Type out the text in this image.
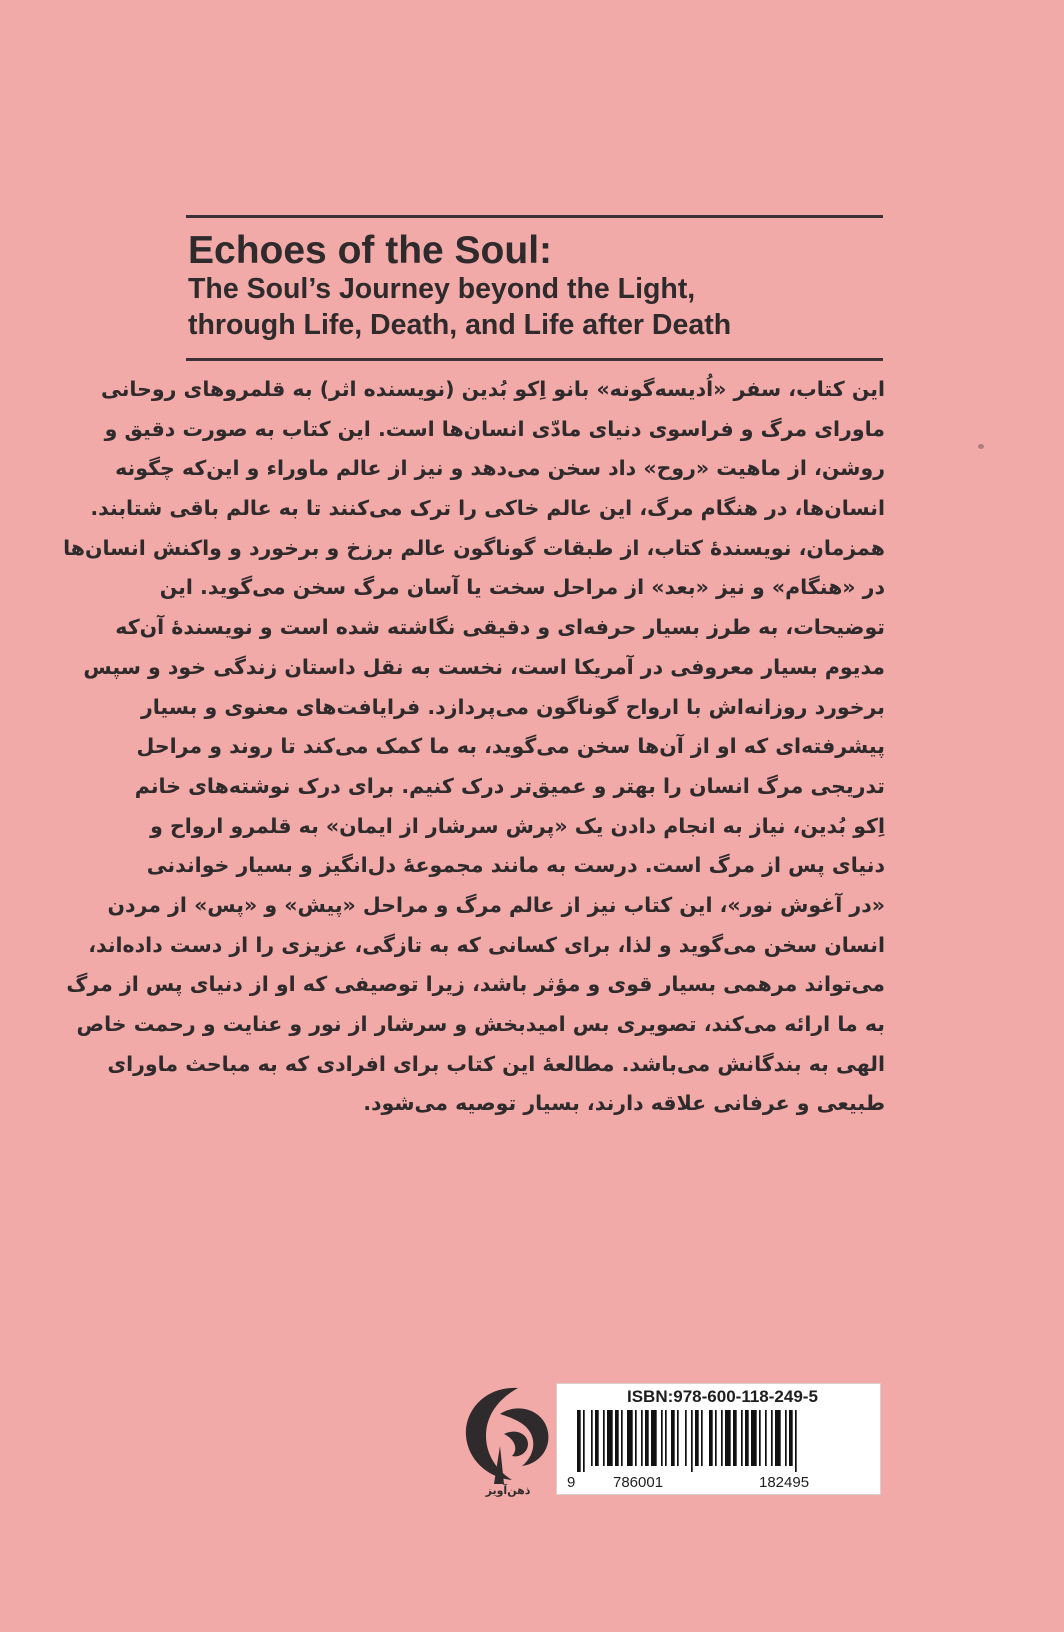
Echoes of the Soul:
The Soul’s Journey beyond the Light,
through Life, Death, and Life after Death
این کتاب، سفر «اُدیسه‌گونه» بانو اِکو بُدین (نویسنده اثر) به قلمروهای روحانی
ماورای مرگ و فراسوی دنیای مادّی انسان‌ها است. این کتاب به صورت دقیق و
روشن، از ماهیت «روح» داد سخن می‌دهد و نیز از عالم ماوراء و این‌که چگونه
انسان‌ها، در هنگام مرگ، این عالم خاکی را ترک می‌کنند تا به عالم باقی شتابند.
همزمان، نویسندهٔ کتاب، از طبقات گوناگون عالم برزخ و برخورد و واکنش انسان‌ها
در «هنگام» و نیز «بعد» از مراحل سخت یا آسان مرگ سخن می‌گوید. این
توضیحات، به طرز بسیار حرفه‌ای و دقیقی نگاشته شده است و نویسندهٔ آن‌که
مدیوم بسیار معروفی در آمریکا است، نخست به نقل داستان زندگی خود و سپس
برخورد روزانه‌اش با ارواح گوناگون می‌پردازد. فرایافت‌های معنوی و بسیار
پیشرفته‌ای که او از آن‌ها سخن می‌گوید، به ما کمک می‌کند تا روند و مراحل
تدریجی مرگ انسان را بهتر و عمیق‌تر درک کنیم. برای درک نوشته‌های خانم
اِکو بُدین، نیاز به انجام دادن یک «پرش سرشار از ایمان» به قلمرو ارواح و
دنیای پس از مرگ است. درست به مانند مجموعهٔ دل‌انگیز و بسیار خواندنی
«در آغوش نور»، این کتاب نیز از عالم مرگ و مراحل «پیش» و «پس» از مردن
انسان سخن می‌گوید و لذا، برای کسانی که به تازگی، عزیزی را از دست داده‌اند،
می‌تواند مرهمی بسیار قوی و مؤثر باشد، زیرا توصیفی که او از دنیای پس از مرگ
به ما ارائه می‌کند، تصویری بس امیدبخش و سرشار از نور و عنایت و رحمت خاص
الهی به بندگانش می‌باشد. مطالعهٔ این کتاب برای افرادی که به مباحث ماورای
طبیعی و عرفانی علاقه دارند، بسیار توصیه می‌شود.
ذهن‌آویز
ISBN:978-600-118-249-5
9	786001	182495
